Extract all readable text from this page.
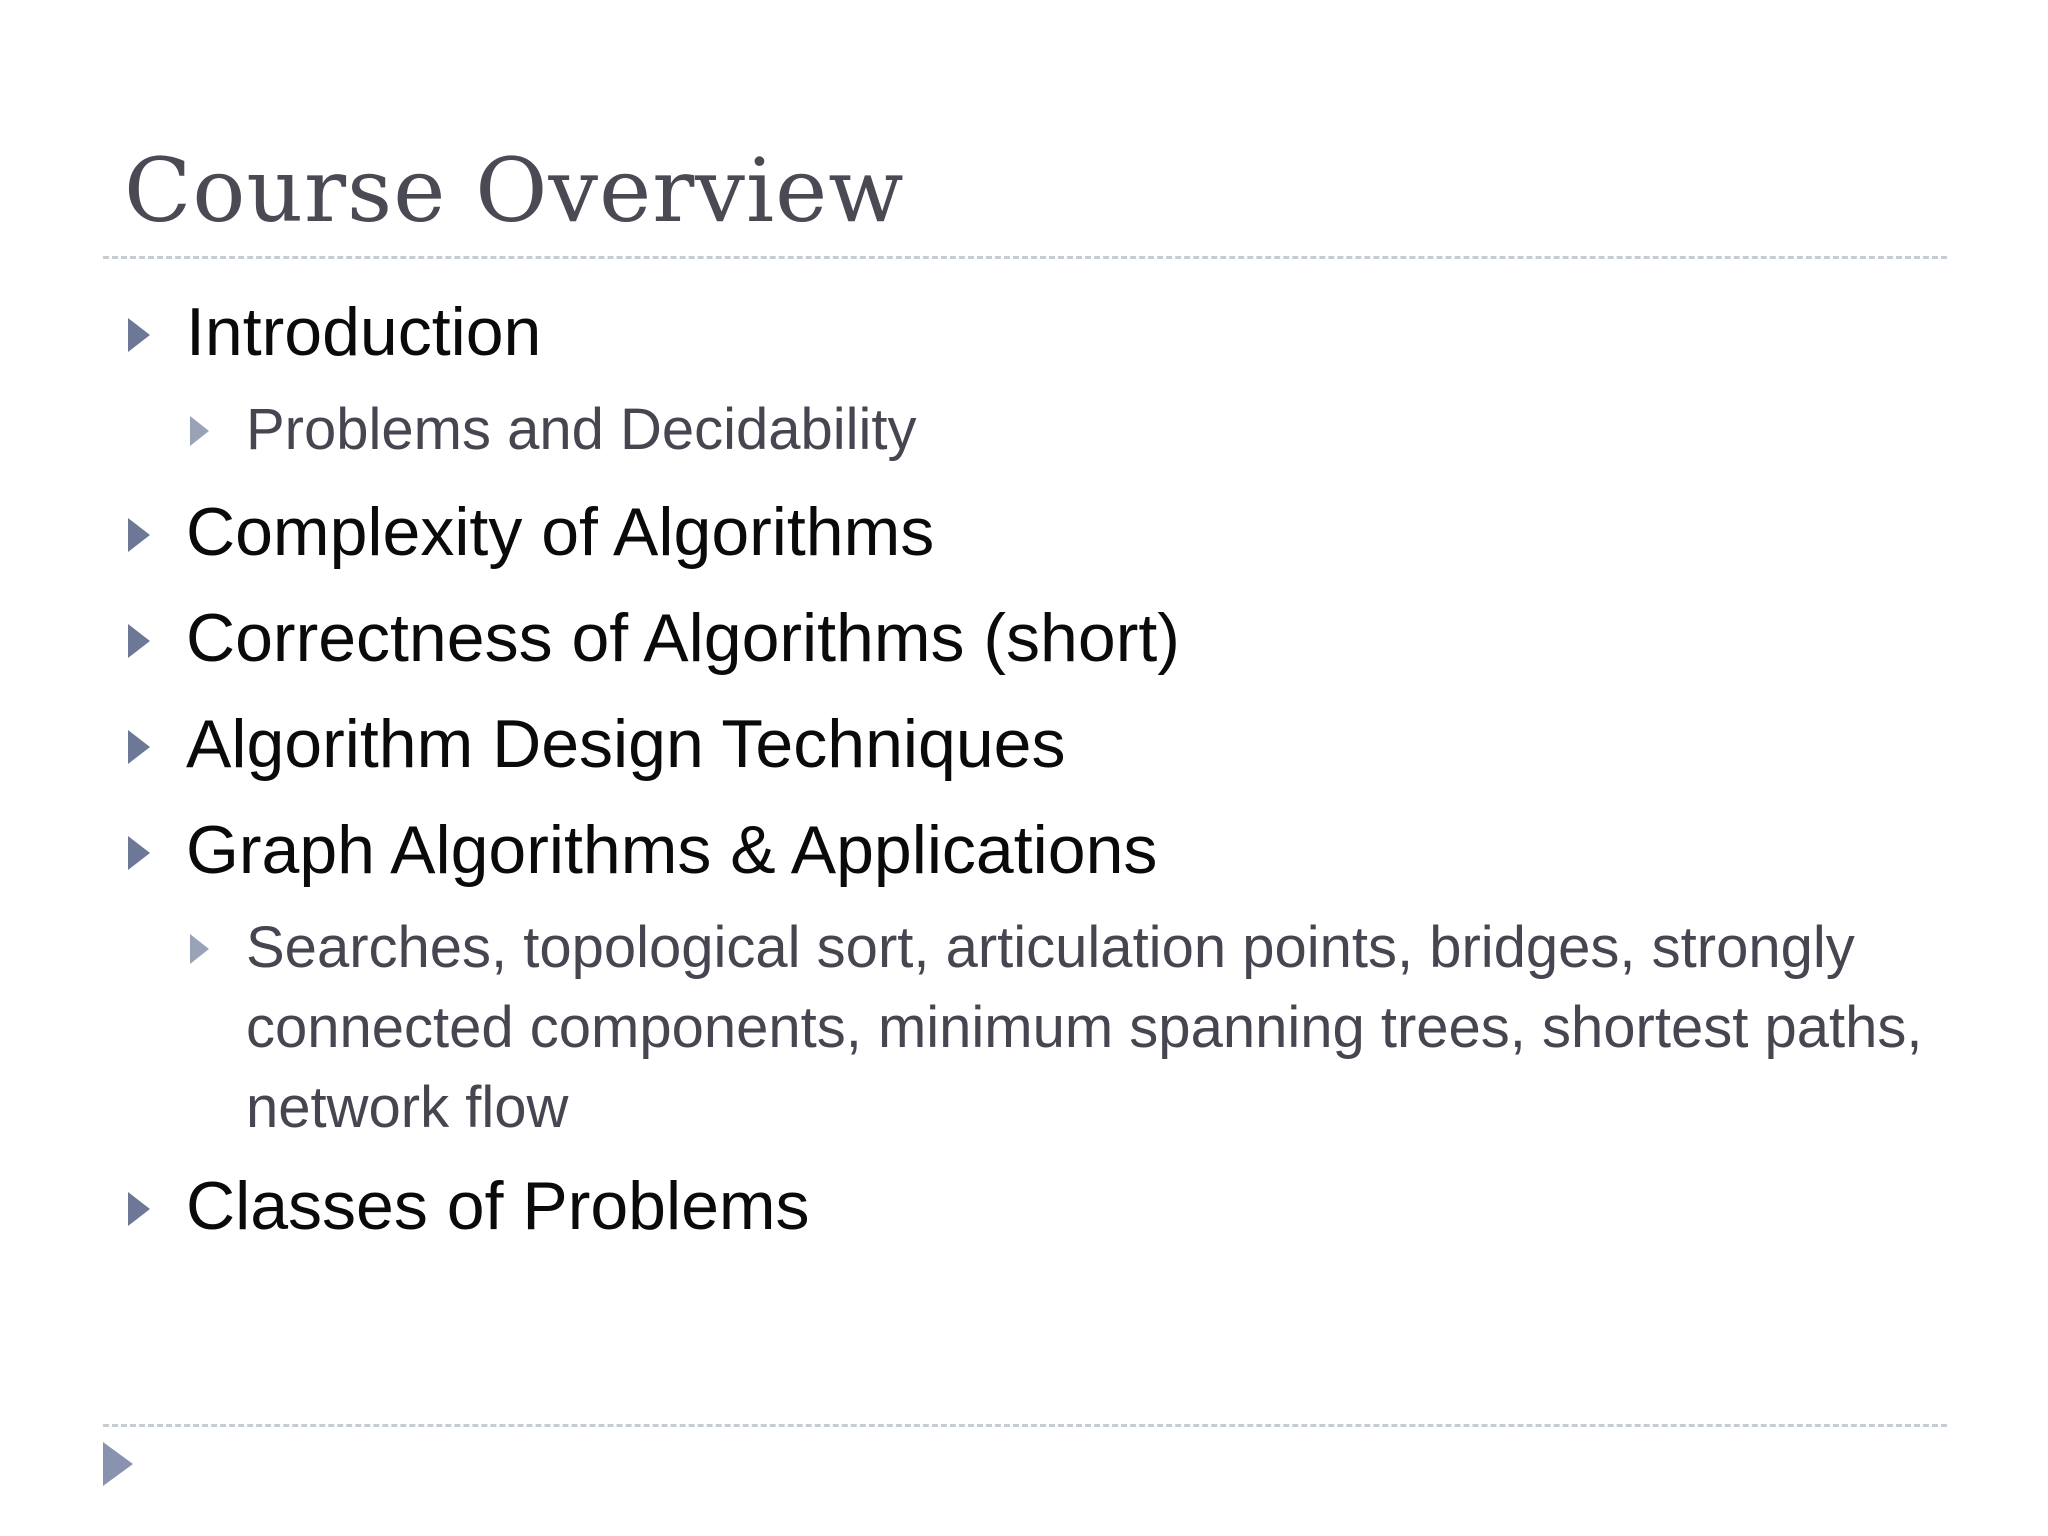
Course Overview
Introduction
Problems and Decidability
Complexity of Algorithms
Correctness of Algorithms (short)
Algorithm Design Techniques
Graph Algorithms & Applications
Searches, topological sort, articulation points, bridges, strongly connected components, minimum spanning trees, shortest paths, network flow
Classes of Problems
